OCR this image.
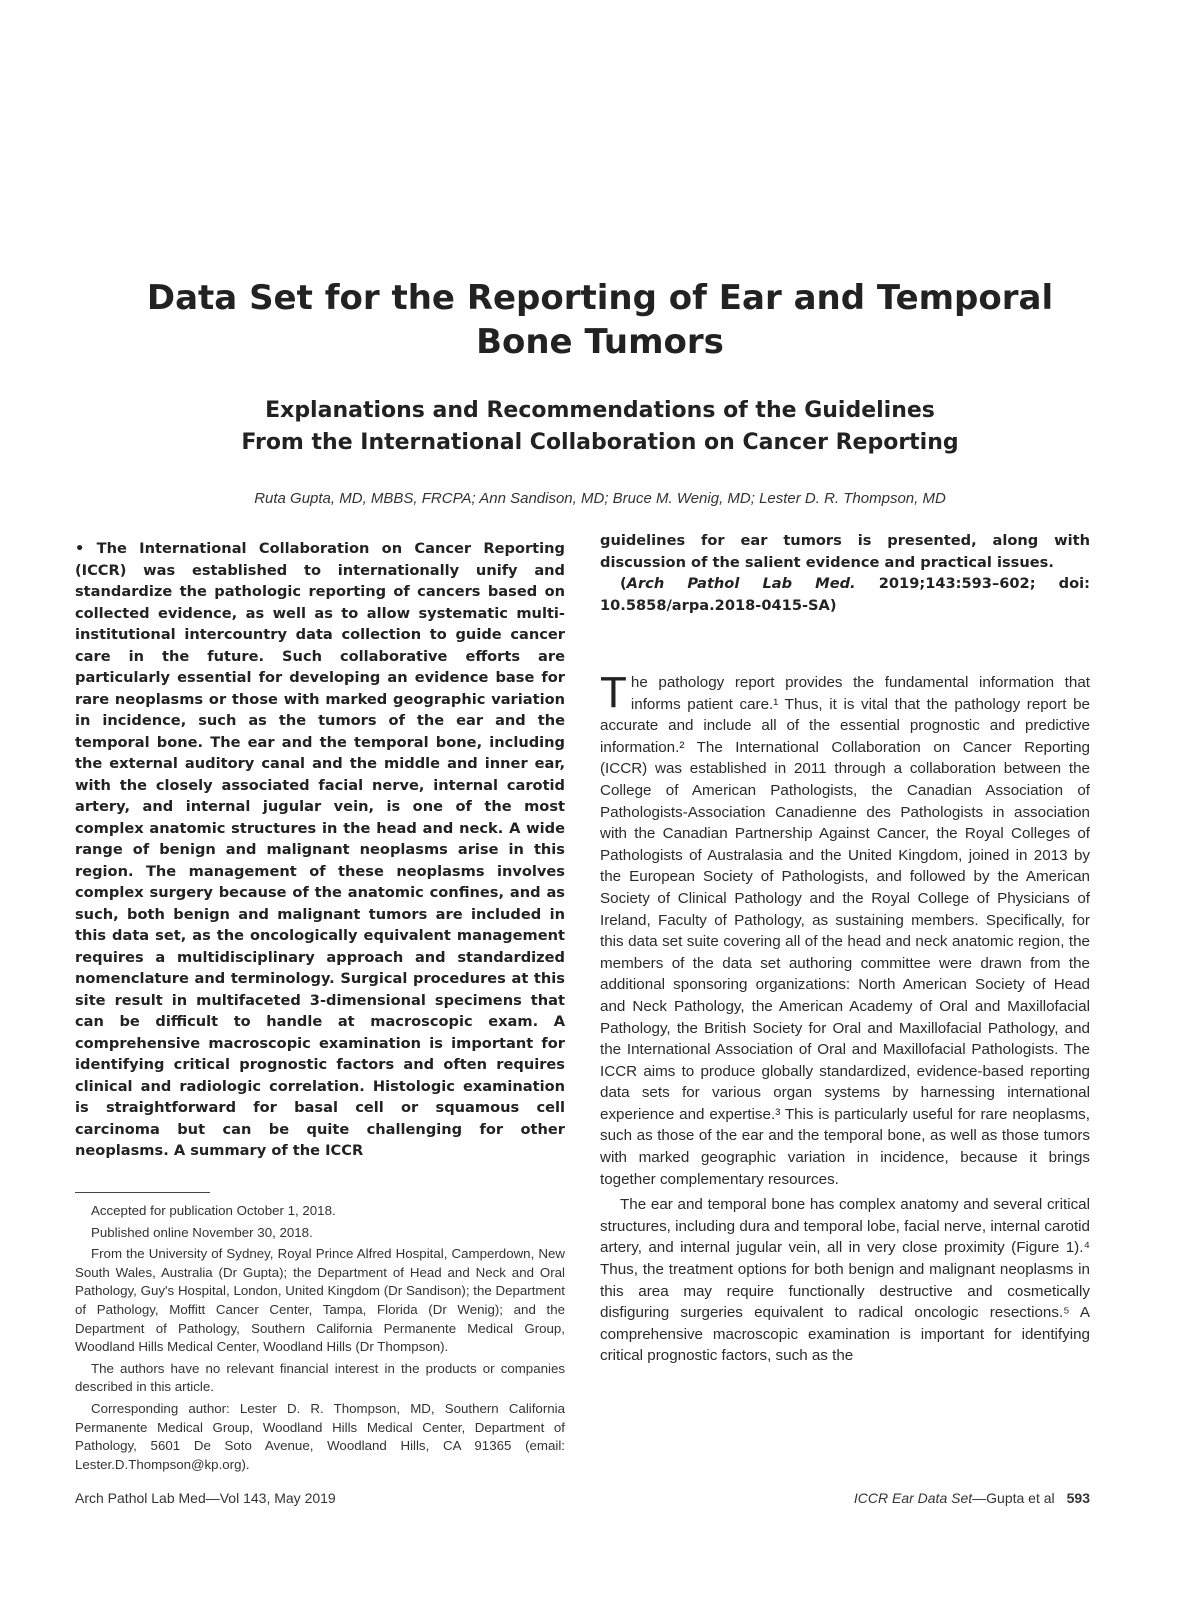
Data Set for the Reporting of Ear and Temporal
Bone Tumors
Explanations and Recommendations of the Guidelines
From the International Collaboration on Cancer Reporting

Ruta Gupta, MD, MBBS, FRCPA; Ann Sandison, MD; Bruce M. Wenig, MD; Lester D. R. Thompson, MD

• The International Collaboration on Cancer Reporting (ICCR) was established to internationally unify and standardize the pathologic reporting of cancers based on collected evidence, as well as to allow systematic multi-institutional intercountry data collection to guide cancer care in the future. Such collaborative efforts are particularly essential for developing an evidence base for rare neoplasms or those with marked geographic variation in incidence, such as the tumors of the ear and the temporal bone. The ear and the temporal bone, including the external auditory canal and the middle and inner ear, with the closely associated facial nerve, internal carotid artery, and internal jugular vein, is one of the most complex anatomic structures in the head and neck. A wide range of benign and malignant neoplasms arise in this region. The management of these neoplasms involves complex surgery because of the anatomic confines, and as such, both benign and malignant tumors are included in this data set, as the oncologically equivalent management requires a multidisciplinary approach and standardized nomenclature and terminology. Surgical procedures at this site result in multifaceted 3-dimensional specimens that can be difficult to handle at macroscopic exam. A comprehensive macroscopic examination is important for identifying critical prognostic factors and often requires clinical and radiologic correlation. Histologic examination is straightforward for basal cell or squamous cell carcinoma but can be quite challenging for other neoplasms. A summary of the ICCR

guidelines for ear tumors is presented, along with discussion of the salient evidence and practical issues.
(Arch Pathol Lab Med. 2019;143:593–602; doi: 10.5858/arpa.2018-0415-SA)

Accepted for publication October 1, 2018.

Published online November 30, 2018.

From the University of Sydney, Royal Prince Alfred Hospital, Camperdown, New South Wales, Australia (Dr Gupta); the Department of Head and Neck and Oral Pathology, Guy's Hospital, London, United Kingdom (Dr Sandison); the Department of Pathology, Moffitt Cancer Center, Tampa, Florida (Dr Wenig); and the Department of Pathology, Southern California Permanente Medical Group, Woodland Hills Medical Center, Woodland Hills (Dr Thompson).

The authors have no relevant financial interest in the products or companies described in this article.

Corresponding author: Lester D. R. Thompson, MD, Southern California Permanente Medical Group, Woodland Hills Medical Center, Department of Pathology, 5601 De Soto Avenue, Woodland Hills, CA 91365 (email: Lester.D.Thompson@kp.org).

The pathology report provides the fundamental information that informs patient care.¹ Thus, it is vital that the pathology report be accurate and include all of the essential prognostic and predictive information.² The International Collaboration on Cancer Reporting (ICCR) was established in 2011 through a collaboration between the College of American Pathologists, the Canadian Association of Pathologists-Association Canadienne des Pathologists in association with the Canadian Partnership Against Cancer, the Royal Colleges of Pathologists of Australasia and the United Kingdom, joined in 2013 by the European Society of Pathologists, and followed by the American Society of Clinical Pathology and the Royal College of Physicians of Ireland, Faculty of Pathology, as sustaining members. Specifically, for this data set suite covering all of the head and neck anatomic region, the members of the data set authoring committee were drawn from the additional sponsoring organizations: North American Society of Head and Neck Pathology, the American Academy of Oral and Maxillofacial Pathology, the British Society for Oral and Maxillofacial Pathology, and the International Association of Oral and Maxillofacial Pathologists. The ICCR aims to produce globally standardized, evidence-based reporting data sets for various organ systems by harnessing international experience and expertise.³ This is particularly useful for rare neoplasms, such as those of the ear and the temporal bone, as well as those tumors with marked geographic variation in incidence, because it brings together complementary resources.

The ear and temporal bone has complex anatomy and several critical structures, including dura and temporal lobe, facial nerve, internal carotid artery, and internal jugular vein, all in very close proximity (Figure 1).⁴ Thus, the treatment options for both benign and malignant neoplasms in this area may require functionally destructive and cosmetically disfiguring surgeries equivalent to radical oncologic resections.⁵ A comprehensive macroscopic examination is important for identifying critical prognostic factors, such as the

Arch Pathol Lab Med—Vol 143, May 2019	ICCR Ear Data Set—Gupta et al 593
